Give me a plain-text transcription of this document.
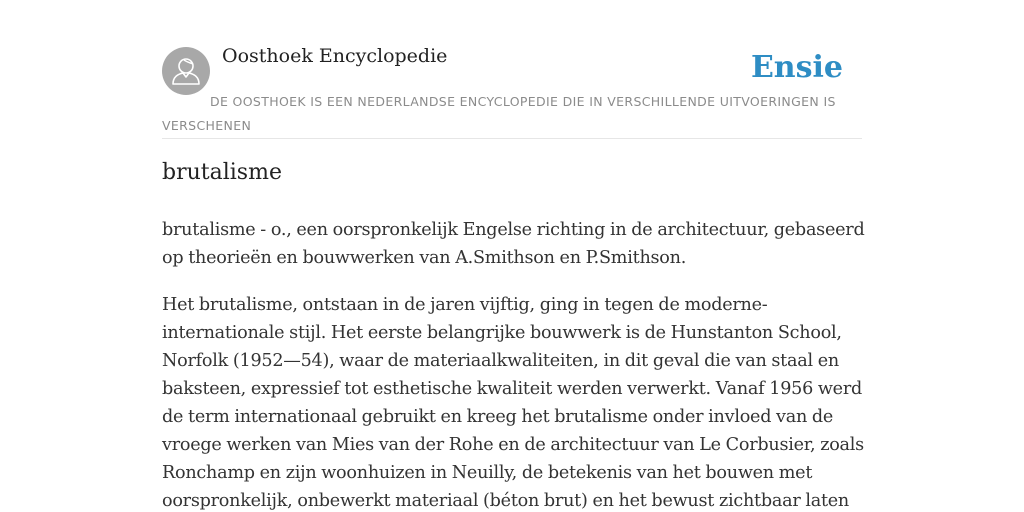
Oosthoek Encyclopedie	Ensie
DE OOSTHOEK IS EEN NEDERLANDSE ENCYCLOPEDIE DIE IN VERSCHILLENDE UITVOERINGEN IS VERSCHENEN
brutalisme

brutalisme - o., een oorspronkelijk Engelse richting in de architectuur, gebaseerd
op theorieën en bouwwerken van A.Smithson en P.Smithson.

Het brutalisme, ontstaan in de jaren vijftig, ging in tegen de moderne-
internationale stijl. Het eerste belangrijke bouwwerk is de Hunstanton School,
Norfolk (1952—54), waar de materiaalkwaliteiten, in dit geval die van staal en
baksteen, expressief tot esthetische kwaliteit werden verwerkt. Vanaf 1956 werd
de term internationaal gebruikt en kreeg het brutalisme onder invloed van de
vroege werken van Mies van der Rohe en de architectuur van Le Corbusier, zoals
Ronchamp en zijn woonhuizen in Neuilly, de betekenis van het bouwen met
oorspronkelijk, onbewerkt materiaal (béton brut) en het bewust zichtbaar laten
